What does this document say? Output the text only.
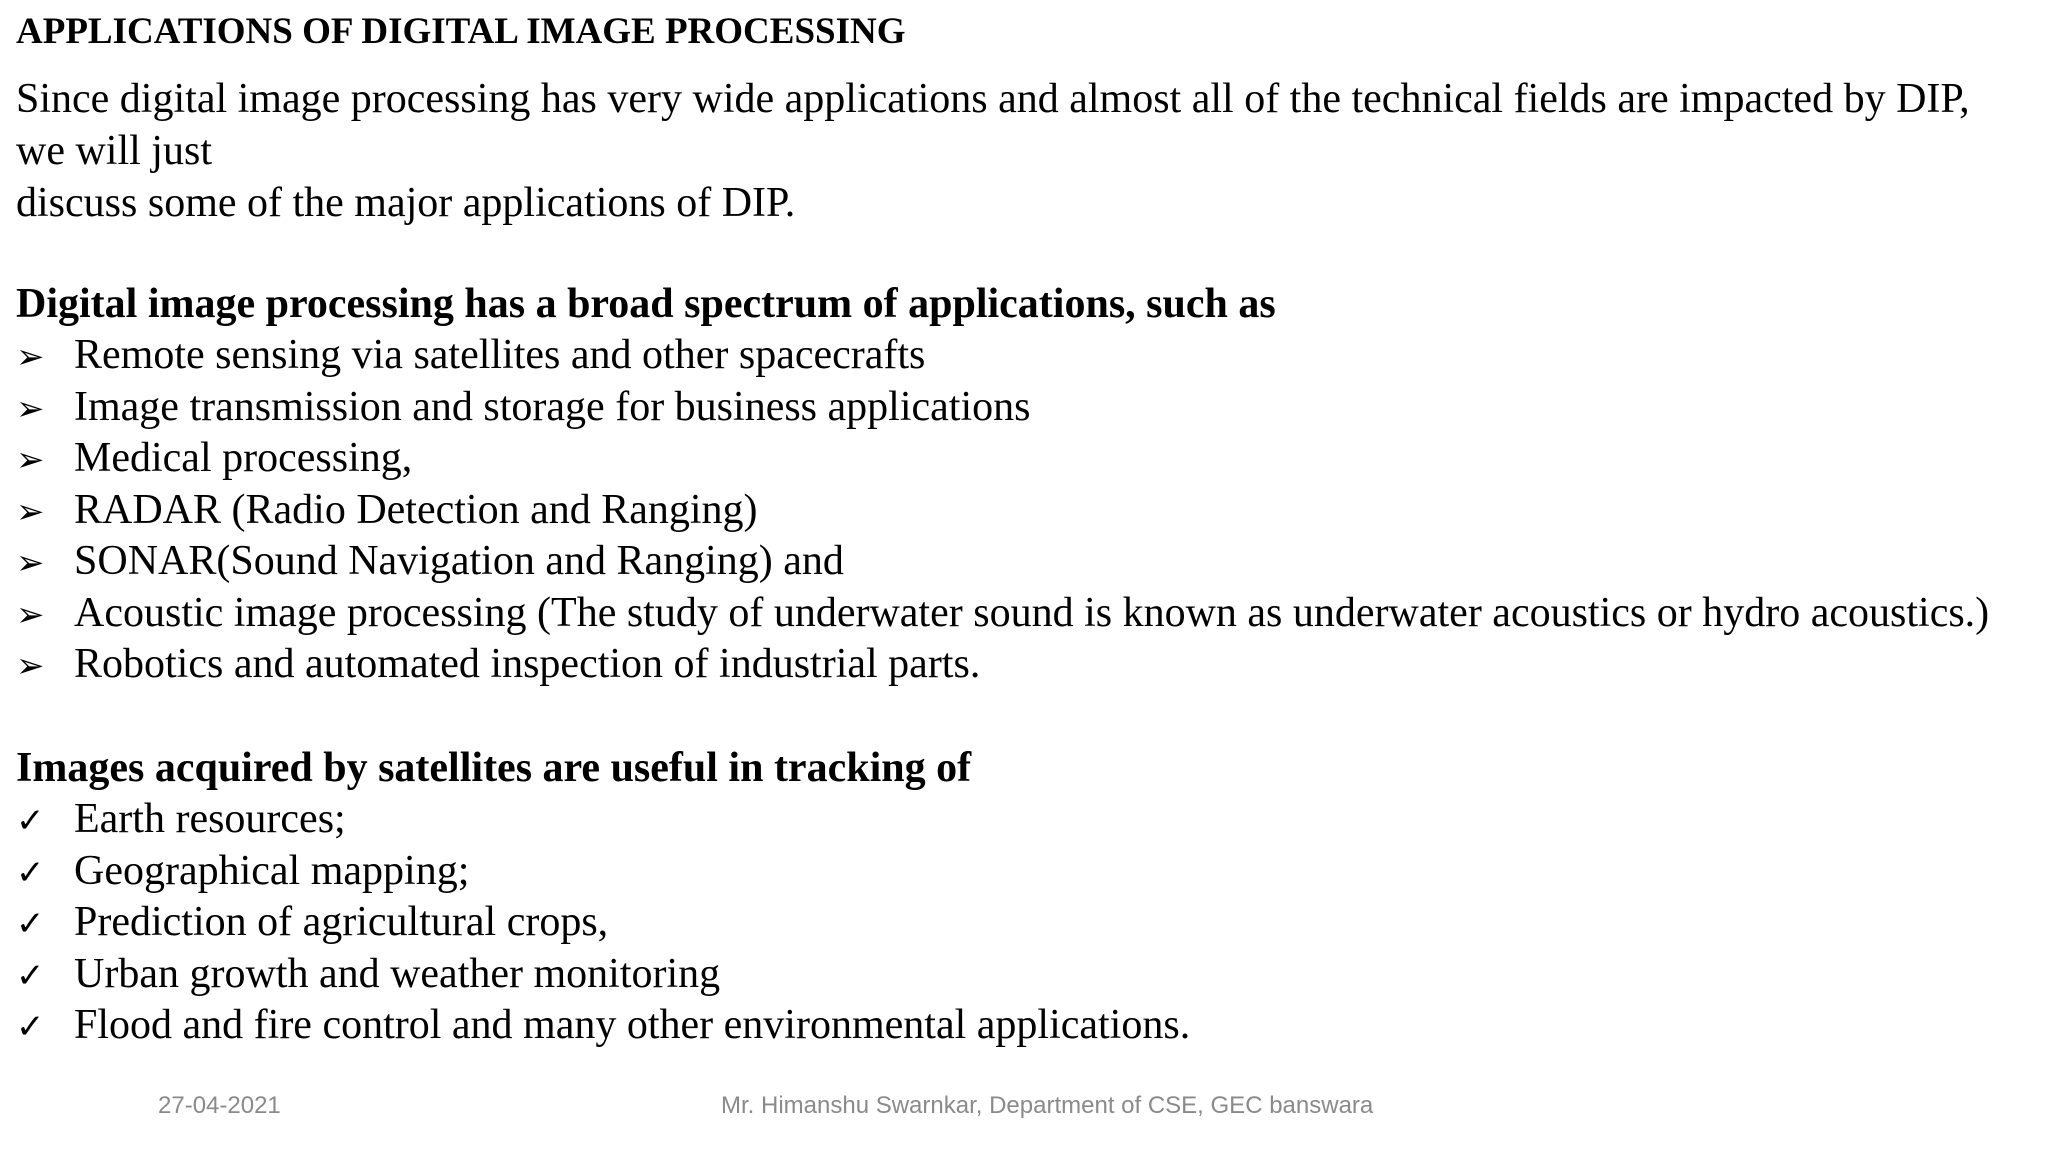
APPLICATIONS OF DIGITAL IMAGE PROCESSING
Since digital image processing has very wide applications and almost all of the technical fields are impacted by DIP,
we will just
discuss some of the major applications of DIP.
Digital image processing has a broad spectrum of applications, such as
➢ Remote sensing via satellites and other spacecrafts
➢ Image transmission and storage for business applications
➢ Medical processing,
➢ RADAR (Radio Detection and Ranging)
➢ SONAR(Sound Navigation and Ranging) and
➢ Acoustic image processing (The study of underwater sound is known as underwater acoustics or hydro acoustics.)
➢ Robotics and automated inspection of industrial parts.
Images acquired by satellites are useful in tracking of
✓ Earth resources;
✓ Geographical mapping;
✓ Prediction of agricultural crops,
✓ Urban growth and weather monitoring
✓ Flood and fire control and many other environmental applications.
27-04-2021	Mr. Himanshu Swarnkar, Department of CSE, GEC banswara
